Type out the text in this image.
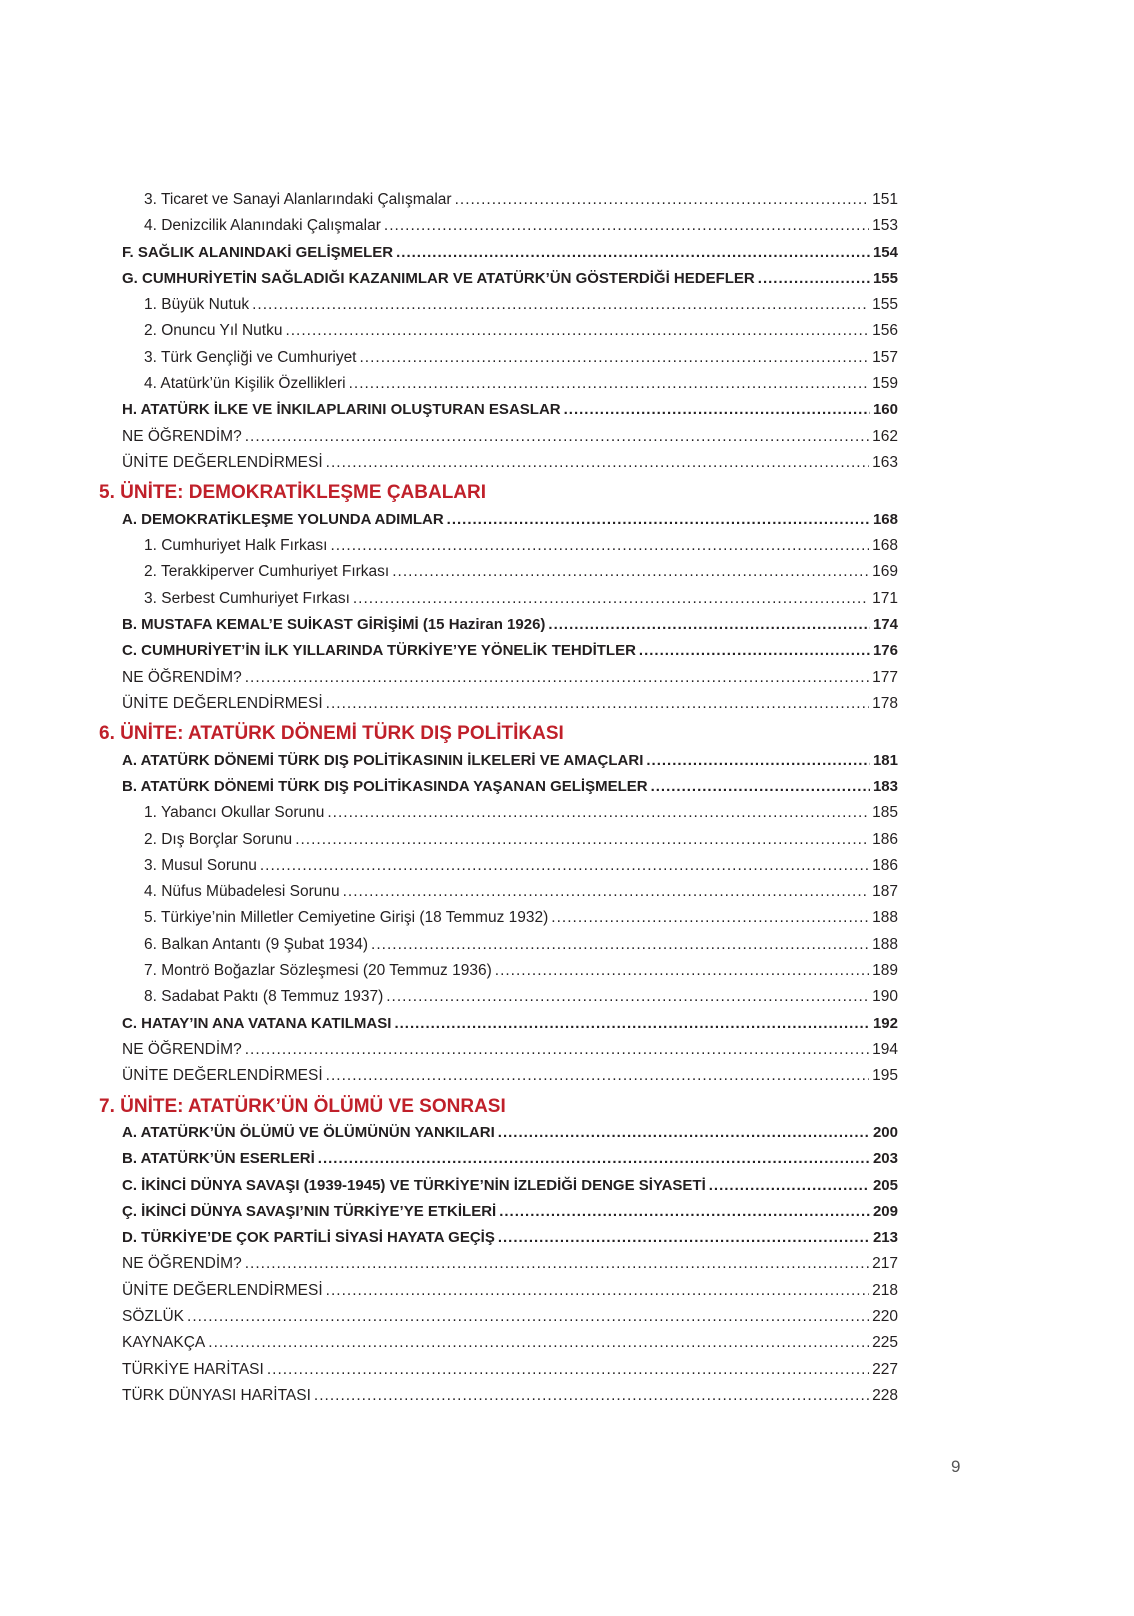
3. Ticaret ve Sanayi Alanlarındaki Çalışmalar .....	151
4. Denizcilik Alanındaki Çalışmalar .....	153
F. SAĞLIK ALANINDAKİ GELİŞMELER .....	154
G. CUMHURİYETİN SAĞLADIĞI KAZANIMLAR VE ATATÜRK’ÜN GÖSTERDİĞİ HEDEFLER .....	155
1. Büyük Nutuk .....	155
2. Onuncu Yıl Nutku .....	156
3. Türk Gençliği ve Cumhuriyet .....	157
4. Atatürk’ün Kişilik Özellikleri .....	159
H. ATATÜRK İLKE VE İNKILAPLARINI OLUŞTURAN ESASLAR .....	160
NE ÖĞRENDİM? .....	162
ÜNİTE DEĞERLENDİRMESİ .....	163
5. ÜNİTE: DEMOKRATİKLEŞME ÇABALARI
A. DEMOKRATİKLEŞME YOLUNDA ADIMLAR .....	168
1. Cumhuriyet Halk Fırkası .....	168
2. Terakkiperver Cumhuriyet Fırkası .....	169
3. Serbest Cumhuriyet Fırkası .....	171
B. MUSTAFA KEMAL’E SUİKAST GİRİŞİMİ (15 Haziran 1926) .....	174
C. CUMHURİYET’İN İLK YILLARINDA TÜRKİYE’YE YÖNELİK TEHDİTLER .....	176
NE ÖĞRENDİM? .....	177
ÜNİTE DEĞERLENDİRMESİ .....	178
6. ÜNİTE: ATATÜRK DÖNEMİ TÜRK DIŞ POLİTİKASI
A. ATATÜRK DÖNEMİ TÜRK DIŞ POLİTİKASININ İLKELERİ VE AMAÇLARI .....	181
B. ATATÜRK DÖNEMİ TÜRK DIŞ POLİTİKASINDA YAŞANAN GELİŞMELER .....	183
1. Yabancı Okullar Sorunu .....	185
2. Dış Borçlar Sorunu .....	186
3. Musul Sorunu .....	186
4. Nüfus Mübadelesi Sorunu .....	187
5. Türkiye’nin Milletler Cemiyetine Girişi (18 Temmuz 1932) .....	188
6. Balkan Antantı (9 Şubat 1934) .....	188
7. Montrö Boğazlar Sözleşmesi (20 Temmuz 1936) .....	189
8. Sadabat Paktı (8 Temmuz 1937) .....	190
C. HATAY’IN ANA VATANA KATILMASI .....	192
NE ÖĞRENDİM? .....	194
ÜNİTE DEĞERLENDİRMESİ .....	195
7. ÜNİTE: ATATÜRK’ÜN ÖLÜMÜ VE SONRASI
A. ATATÜRK’ÜN ÖLÜMÜ VE ÖLÜMÜNÜN YANKILARI .....	200
B. ATATÜRK’ÜN ESERLERİ .....	203
C. İKİNCİ DÜNYA SAVAŞI (1939-1945) VE TÜRKİYE’NİN İZLEDİĞİ DENGE SİYASETİ .....	205
Ç. İKİNCİ DÜNYA SAVAŞI’NIN TÜRKİYE’YE ETKİLERİ .....	209
D. TÜRKİYE’DE ÇOK PARTİLİ SİYASİ HAYATA GEÇİŞ .....	213
NE ÖĞRENDİM? .....	217
ÜNİTE DEĞERLENDİRMESİ .....	218
SÖZLÜK .....	220
KAYNAKÇA .....	225
TÜRKİYE HARİTASI .....	227
TÜRK DÜNYASI HARİTASI .....	228
9
